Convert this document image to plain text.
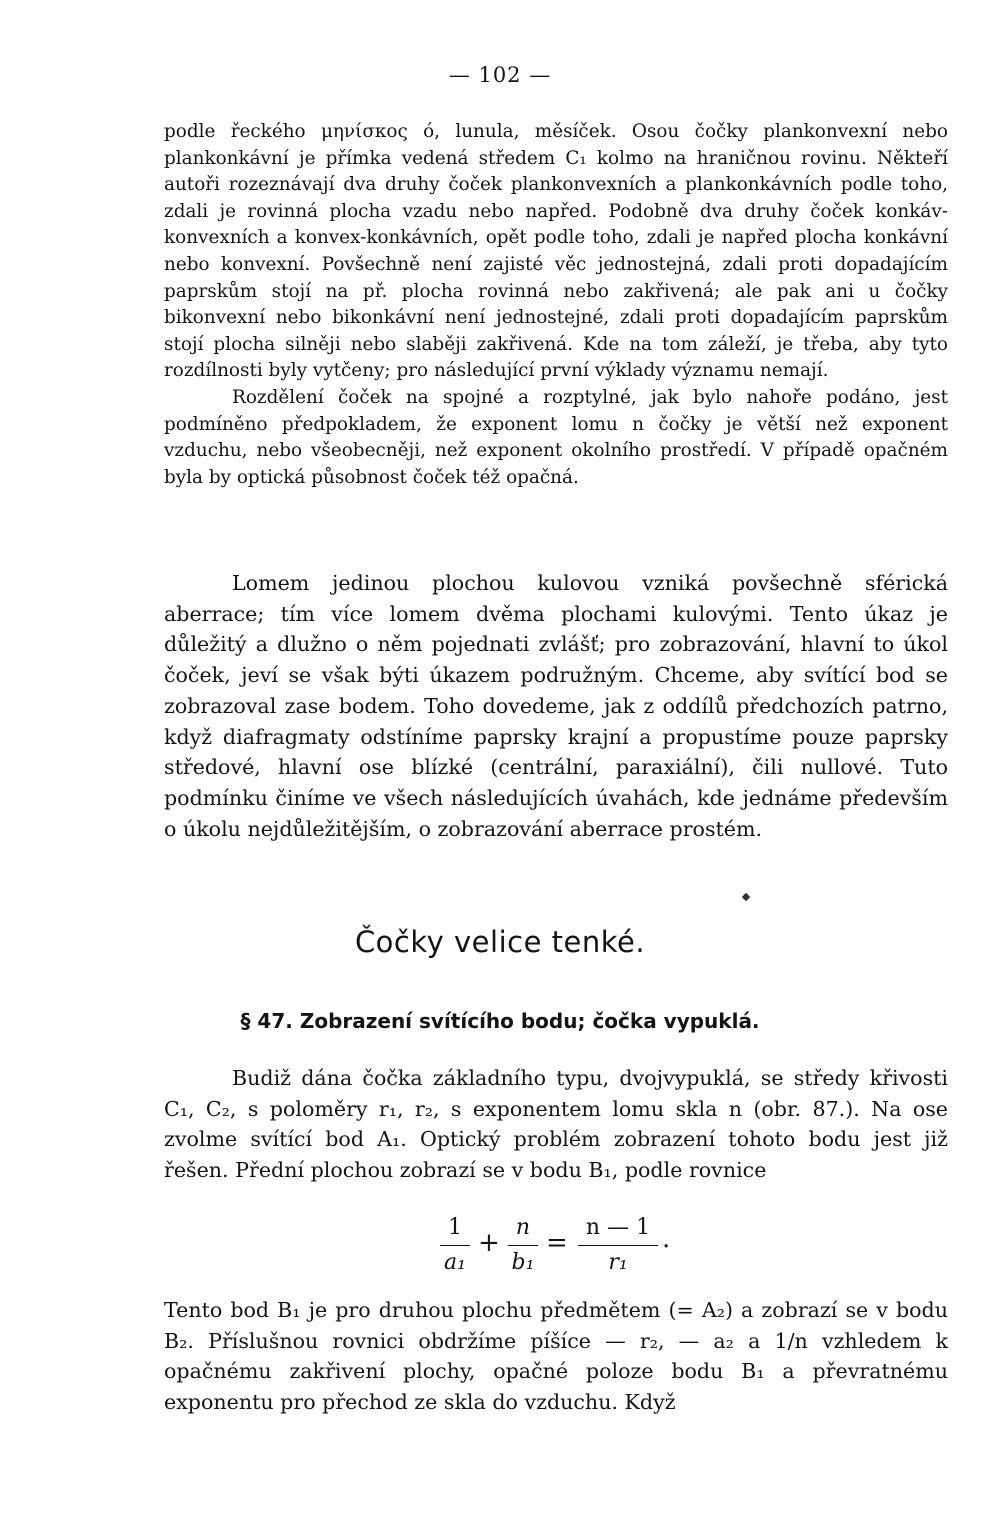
— 102 —

podle řeckého μηνίσκος ό, lunula, měsíček. Osou čočky plankonvexní nebo plankonkávní je přímka vedená středem C₁ kolmo na hraničnou rovinu. Někteří autoři rozeznávají dva druhy čoček plankonvexních a plankonkávních podle toho, zdali je rovinná plocha vzadu nebo napřed. Podobně dva druhy čoček konkáv-konvexních a konvex-konkávních, opět podle toho, zdali je napřed plocha konkávní nebo konvexní. Povšechně není zajisté věc jednostejná, zdali proti dopadajícím paprskům stojí na př. plocha rovinná nebo zakřivená; ale pak ani u čočky bikonvexní nebo bikonkávní není jednostejné, zdali proti dopadajícím paprskům stojí plocha silněji nebo slaběji zakřivená. Kde na tom záleží, je třeba, aby tyto rozdílnosti byly vytčeny; pro následující první výklady významu nemají.

Rozdělení čoček na spojné a rozptylné, jak bylo nahoře podáno, jest podmíněno předpokladem, že exponent lomu n čočky je větší než exponent vzduchu, nebo všeobecněji, než exponent okolního prostředí. V případě opačném byla by optická působnost čoček též opačná.

Lomem jedinou plochou kulovou vzniká povšechně sférická aberrace; tím více lomem dvěma plochami kulovými. Tento úkaz je důležitý a dlužno o něm pojednati zvlášť; pro zobrazování, hlavní to úkol čoček, jeví se však býti úkazem podružným. Chceme, aby svítící bod se zobrazoval zase bodem. Toho dovedeme, jak z oddílů předchozích patrno, když diafragmaty odstíníme paprsky krajní a propustíme pouze paprsky středové, hlavní ose blízké (centrální, paraxiální), čili nullové. Tuto podmínku činíme ve všech následujících úvahách, kde jednáme především o úkolu nejdůležitějším, o zobrazování aberrace prostém.

Čočky velice tenké.
§ 47. Zobrazení svítícího bodu; čočka vypuklá.

Budiž dána čočka základního typu, dvojvypuklá, se středy křivosti C₁, C₂, s poloměry r₁, r₂, s exponentem lomu skla n (obr. 87.). Na ose zvolme svítící bod A₁. Optický problém zobrazení tohoto bodu jest již řešen. Přední plochou zobrazí se v bodu B₁, podle rovnice

1
a₁
+
n
b₁
=
n — 1
r₁
.

Tento bod B₁ je pro druhou plochu předmětem (= A₂) a zobrazí se v bodu B₂. Příslušnou rovnici obdržíme píšíce — r₂, — a₂ a 1/n vzhledem k opačnému zakřivení plochy, opačné poloze bodu B₁ a převratnému exponentu pro přechod ze skla do vzduchu. Když
